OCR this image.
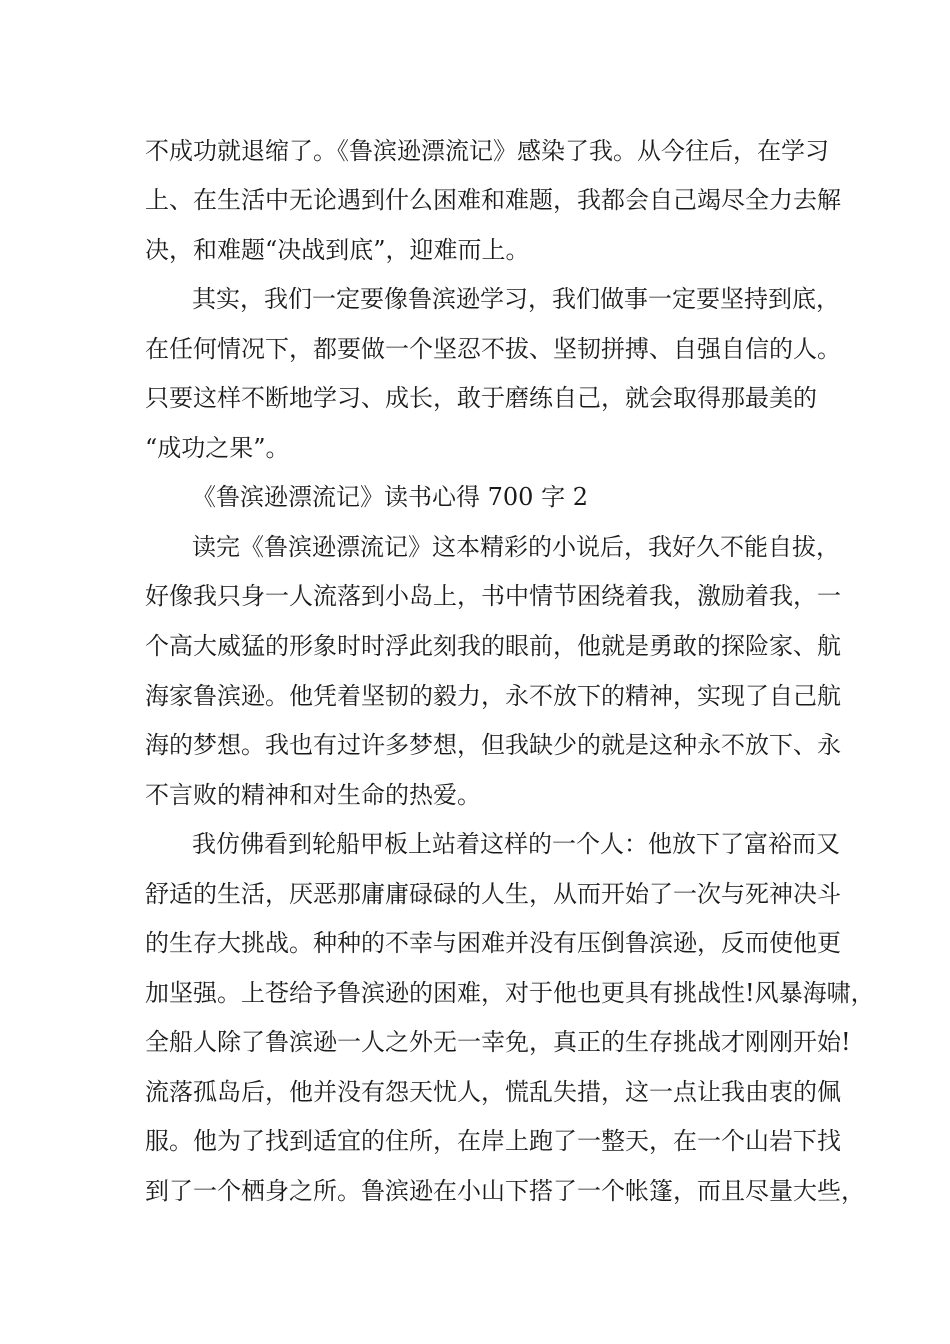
不成功就退缩了。《鲁滨逊漂流记》感染了我。从今往后，在学习
上、在生活中无论遇到什么困难和难题，我都会自己竭尽全力去解
决，和难题“决战到底”，迎难而上。
其实，我们一定要像鲁滨逊学习，我们做事一定要坚持到底，
在任何情况下，都要做一个坚忍不拔、坚韧拼搏、自强自信的人。
只要这样不断地学习、成长，敢于磨练自己，就会取得那最美的
“成功之果”。
《鲁滨逊漂流记》读书心得 700 字 2
读完《鲁滨逊漂流记》这本精彩的小说后，我好久不能自拔，
好像我只身一人流落到小岛上，书中情节困绕着我，激励着我，一
个高大威猛的形象时时浮此刻我的眼前，他就是勇敢的探险家、航
海家鲁滨逊。他凭着坚韧的毅力，永不放下的精神，实现了自己航
海的梦想。我也有过许多梦想，但我缺少的就是这种永不放下、永
不言败的精神和对生命的热爱。
我仿佛看到轮船甲板上站着这样的一个人：他放下了富裕而又
舒适的生活，厌恶那庸庸碌碌的人生，从而开始了一次与死神决斗
的生存大挑战。种种的不幸与困难并没有压倒鲁滨逊，反而使他更
加坚强。上苍给予鲁滨逊的困难，对于他也更具有挑战性!风暴海啸，
全船人除了鲁滨逊一人之外无一幸免，真正的生存挑战才刚刚开始!
流落孤岛后，他并没有怨天忧人，慌乱失措，这一点让我由衷的佩
服。他为了找到适宜的住所，在岸上跑了一整天，在一个山岩下找
到了一个栖身之所。鲁滨逊在小山下搭了一个帐篷，而且尽量大些，
